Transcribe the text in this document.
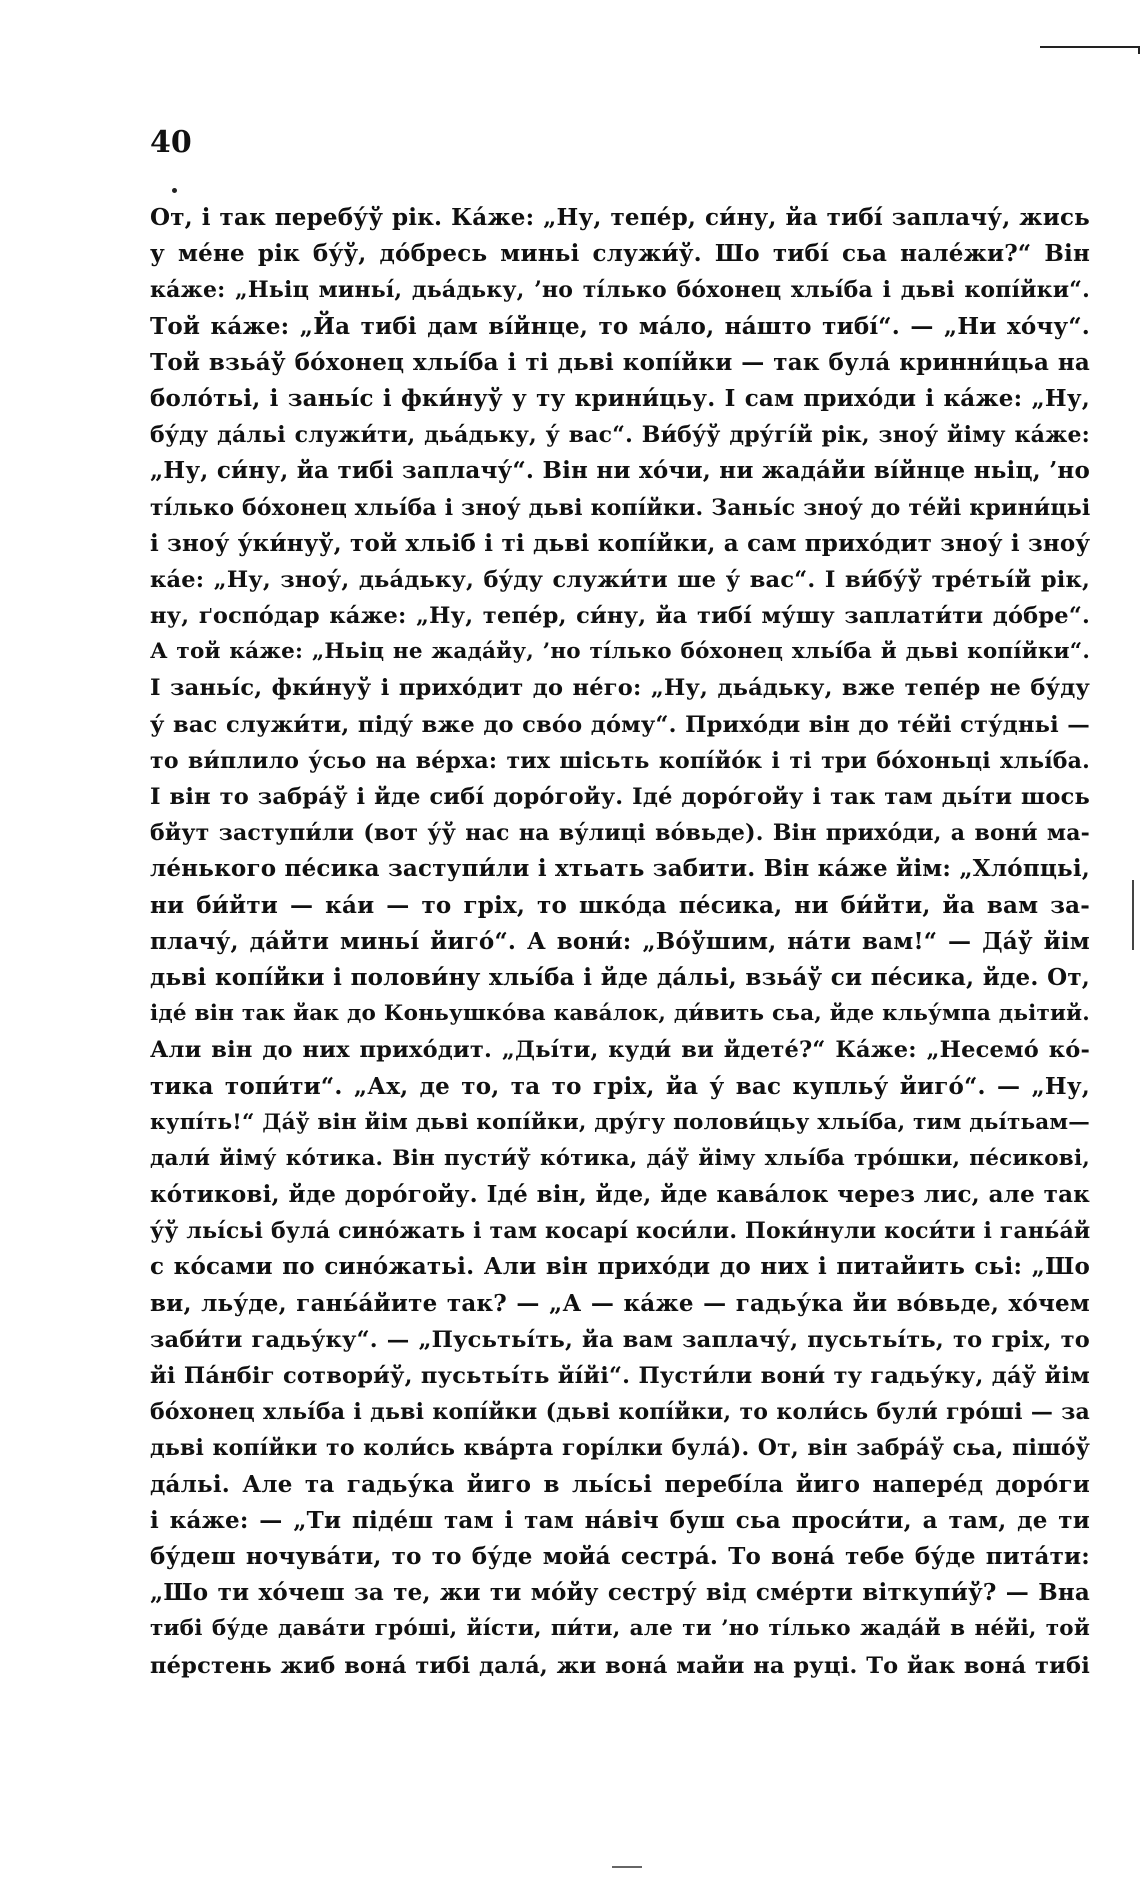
40
От, і так перебу́ў рік. Ка́же: „Ну, тепе́р, си́ну, йа тибі́ заплачу́, жись
у ме́не рік бу́ў, до́бресь миньі служи́ў. Шо тибі́ сьа нале́жи?“ Він
ка́же: „Ньіц миньі́, дьа́дьку, ’но ті́лько бо́хонец хльі́ба і дьві копі́йки“.
Той ка́же: „Йа тибі дам ві́йнце, то ма́ло, на́што тибі́“. — „Ни хо́чу“.
Той взьа́ў бо́хонец хльі́ба і ті дьві копі́йки — так була́ кринни́цьа на
боло́тьі, і заньі́с і фки́нуў у ту крини́цьу. І сам прихо́ди і ка́же: „Ну,
бу́ду да́льі служи́ти, дьа́дьку, у́ вас“. Ви́бу́ў дру́гі́й рік, зноу́ йіму ка́же:
„Ну, си́ну, йа тибі заплачу́“. Він ни хо́чи, ни жада́йи ві́йнце ньіц, ’но
ті́лько бо́хонец хльі́ба і зноу́ дьві копі́йки. Заньі́с зноу́ до те́йі крини́цьі
і зноу́ у́ки́нуў, той хльіб і ті дьві копі́йки, а сам прихо́дит зноу́ і зноу́
ка́е: „Ну, зноу́, дьа́дьку, бу́ду служи́ти ше у́ вас“. І ви́бу́ў тре́тьі́й рік,
ну, ґоспо́дар ка́же: „Ну, тепе́р, си́ну, йа тибі́ му́шу заплати́ти до́бре“.
А той ка́же: „Ньіц не жада́йу, ’но ті́лько бо́хонец хльі́ба й дьві копі́йки“.
І заньі́с, фки́нуў і прихо́дит до не́го: „Ну, дьа́дьку, вже тепе́р не бу́ду
у́ вас служи́ти, піду́ вже до сво́о до́му“. Прихо́ди він до те́йі сту́дньі —
то ви́плило у́сьо на ве́рха: тих шісьть копі́йо́к і ті три бо́хоньці хльі́ба.
І він то забра́ў і йде сибі́ доро́гойу. Іде́ доро́гойу і так там дьі́ти шось
бйут заступи́ли (вот у́ў нас на ву́лиці во́вьде). Він прихо́ди, а вони́ ма-
ле́нького пе́сика заступи́ли і хтьать забити. Він ка́же йім: „Хло́пцьі,
ни би́йти — ка́и — то гріх, то шко́да пе́сика, ни би́йти, йа вам за-
плачу́, да́йти миньі́ йиго́“. А вони́: „Во́ўшим, на́ти вам!“ — Да́ў йім
дьві копі́йки і полови́ну хльі́ба і йде да́льі, взьа́ў си пе́сика, йде. От,
іде́ він так йак до Коньушко́ва кава́лок, ди́вить сьа, йде кльу́мпа дьітий.
Али він до них прихо́дит. „Дьі́ти, куди́ ви йдете́?“ Ка́же: „Несемо́ ко́-
тика топи́ти“. „Ах, де то, та то гріх, йа у́ вас купльу́ йиго́“. — „Ну,
купі́ть!“ Да́ў він йім дьві копі́йки, дру́гу полови́цьу хльі́ба, тим дьі́тьам—
дали́ йіму́ ко́тика. Він пусти́ў ко́тика, да́ў йіму хльі́ба тро́шки, пе́сикові,
ко́тикові, йде доро́гойу. Іде́ він, йде, йде кава́лок через лис, але так
у́ў льі́сьі була́ сино́жать і там косарі́ коси́ли. Поки́нули коси́ти і гань́а́й
с ко́сами по сино́жатьі. Али він прихо́ди до них і питайить сьі: „Шо
ви, льу́де, гань́а́йите так? — „А — ка́же — гадьу́ка йи во́вьде, хо́чем
заби́ти гадьу́ку“. — „Пусьтьі́ть, йа вам заплачу́, пусьтьі́ть, то гріх, то
йі Па́нбіг сотвори́ў, пусьтьі́ть йі́йі“. Пусти́ли вони́ ту гадьу́ку, да́ў йім
бо́хонец хльі́ба і дьві копі́йки (дьві копі́йки, то коли́сь були́ гро́ші — за
дьві копі́йки то коли́сь ква́рта горі́лки була́). От, він забра́ў сьа, пішо́ў
да́льі. Але та гадьу́ка йиго в льі́сьі перебі́ла йиго напере́д доро́ги
і ка́же: — „Ти піде́ш там і там на́віч буш сьа проси́ти, а там, де ти
бу́деш ночува́ти, то то бу́де мойа́ сестра́. То вона́ тебе бу́де пита́ти:
„Шо ти хо́чеш за те, жи ти мо́йу сестру́ від сме́рти віткупи́ў? — Вна
тибі бу́де дава́ти гро́ші, йі́сти, пи́ти, але ти ’но ті́лько жада́й в не́йі, той
пе́рстень жиб вона́ тибі дала́, жи вона́ майи на руці. То йак вона́ тибі
